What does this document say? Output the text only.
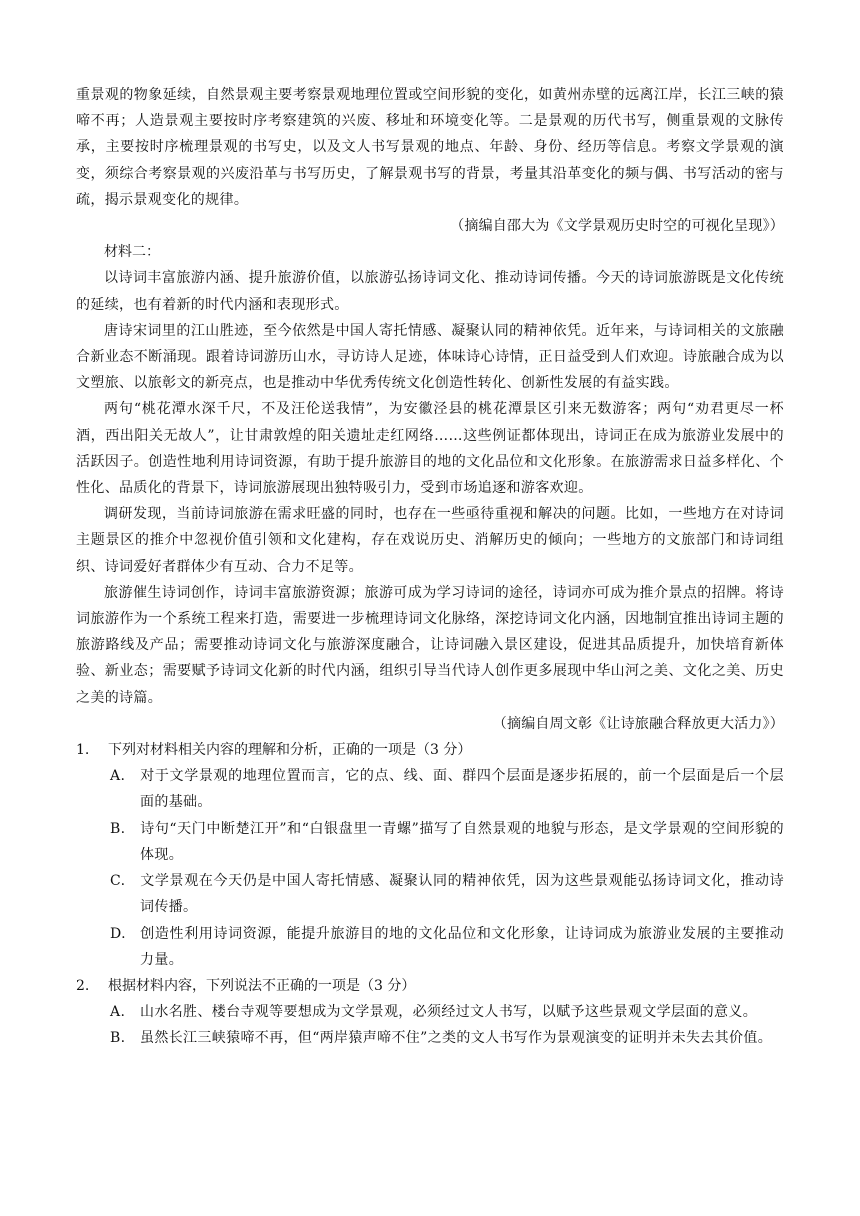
重景观的物象延续，自然景观主要考察景观地理位置或空间形貌的变化，如黄州赤壁的远离江岸，长江三峡的猿啼不再；人造景观主要按时序考察建筑的兴废、移址和环境变化等。二是景观的历代书写，侧重景观的文脉传承，主要按时序梳理景观的书写史，以及文人书写景观的地点、年龄、身份、经历等信息。考察文学景观的演变，须综合考察景观的兴废沿革与书写历史，了解景观书写的背景，考量其沿革变化的频与偶、书写活动的密与疏，揭示景观变化的规律。

（摘编自邵大为《文学景观历史时空的可视化呈现》）

材料二：

以诗词丰富旅游内涵、提升旅游价值，以旅游弘扬诗词文化、推动诗词传播。今天的诗词旅游既是文化传统的延续，也有着新的时代内涵和表现形式。

唐诗宋词里的江山胜迹，至今依然是中国人寄托情感、凝聚认同的精神依凭。近年来，与诗词相关的文旅融合新业态不断涌现。跟着诗词游历山水，寻访诗人足迹，体味诗心诗情，正日益受到人们欢迎。诗旅融合成为以文塑旅、以旅彰文的新亮点，也是推动中华优秀传统文化创造性转化、创新性发展的有益实践。

两句“桃花潭水深千尺，不及汪伦送我情”，为安徽泾县的桃花潭景区引来无数游客；两句“劝君更尽一杯酒，西出阳关无故人”，让甘肃敦煌的阳关遗址走红网络……这些例证都体现出，诗词正在成为旅游业发展中的活跃因子。创造性地利用诗词资源，有助于提升旅游目的地的文化品位和文化形象。在旅游需求日益多样化、个性化、品质化的背景下，诗词旅游展现出独特吸引力，受到市场追逐和游客欢迎。

调研发现，当前诗词旅游在需求旺盛的同时，也存在一些亟待重视和解决的问题。比如，一些地方在对诗词主题景区的推介中忽视价值引领和文化建构，存在戏说历史、消解历史的倾向；一些地方的文旅部门和诗词组织、诗词爱好者群体少有互动、合力不足等。

旅游催生诗词创作，诗词丰富旅游资源；旅游可成为学习诗词的途径，诗词亦可成为推介景点的招牌。将诗词旅游作为一个系统工程来打造，需要进一步梳理诗词文化脉络，深挖诗词文化内涵，因地制宜推出诗词主题的旅游路线及产品；需要推动诗词文化与旅游深度融合，让诗词融入景区建设，促进其品质提升，加快培育新体验、新业态；需要赋予诗词文化新的时代内涵，组织引导当代诗人创作更多展现中华山河之美、文化之美、历史之美的诗篇。

（摘编自周文彰《让诗旅融合释放更大活力》）

1.	下列对材料相关内容的理解和分析，正确的一项是（3 分）

A. 对于文学景观的地理位置而言，它的点、线、面、群四个层面是逐步拓展的，前一个层面是后一个层面的基础。

B. 诗句“天门中断楚江开”和“白银盘里一青螺”描写了自然景观的地貌与形态，是文学景观的空间形貌的体现。

C. 文学景观在今天仍是中国人寄托情感、凝聚认同的精神依凭，因为这些景观能弘扬诗词文化，推动诗词传播。

D. 创造性利用诗词资源，能提升旅游目的地的文化品位和文化形象，让诗词成为旅游业发展的主要推动力量。

2.	根据材料内容，下列说法不正确的一项是（3 分）

A. 山水名胜、楼台寺观等要想成为文学景观，必须经过文人书写，以赋予这些景观文学层面的意义。

B. 虽然长江三峡猿啼不再，但“两岸猿声啼不住”之类的文人书写作为景观演变的证明并未失去其价值。
